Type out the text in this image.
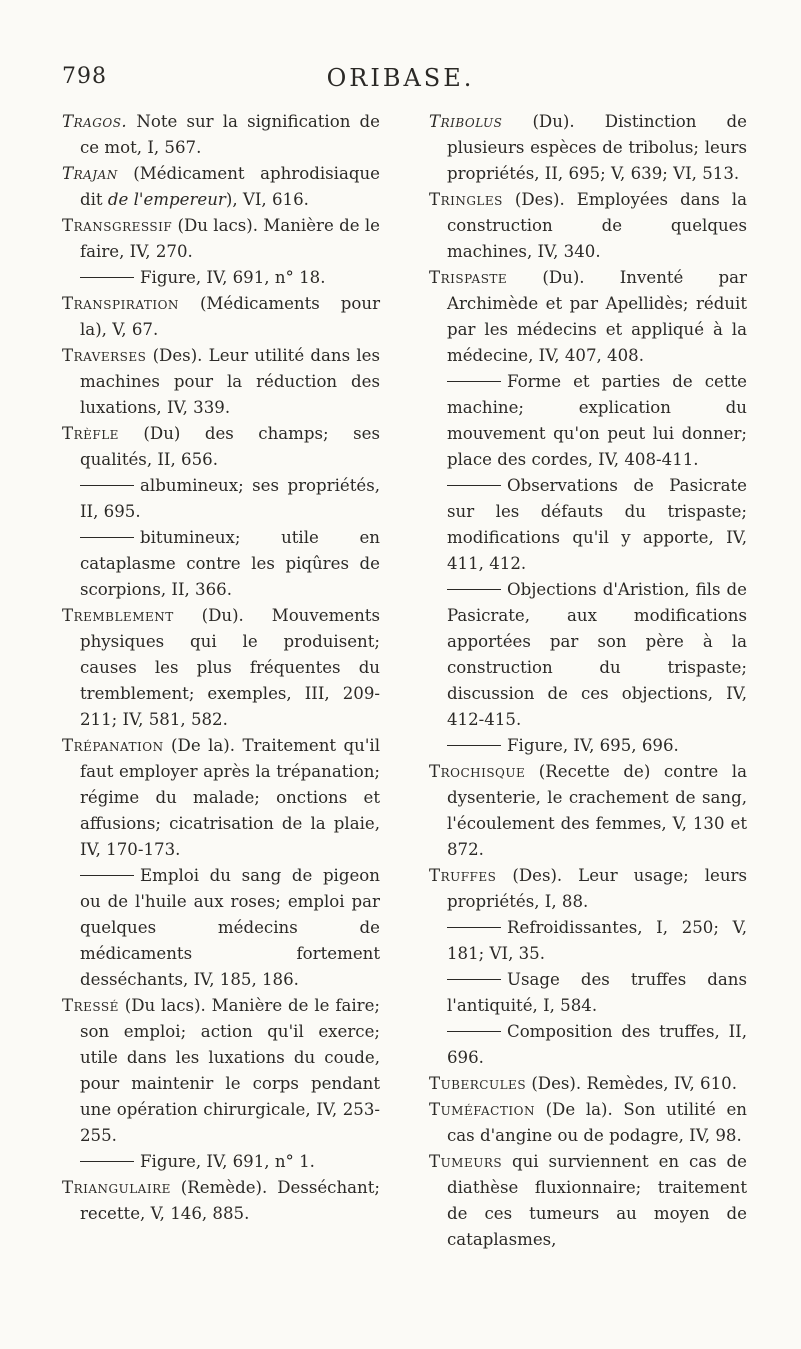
798	ORIBASE.

Tragos. Note sur la signification de ce mot, I, 567.

Trajan (Médicament aphrodisiaque dit de l'empereur), VI, 616.

Transgressif (Du lacs). Manière de le faire, IV, 270.

Figure, IV, 691, n° 18.

Transpiration (Médicaments pour la), V, 67.

Traverses (Des). Leur utilité dans les machines pour la réduction des luxations, IV, 339.

Trèfle (Du) des champs; ses qualités, II, 656.

albumineux; ses propriétés, II, 695.

bitumineux; utile en cataplasme contre les piqûres de scorpions, II, 366.

Tremblement (Du). Mouvements physiques qui le produisent; causes les plus fréquentes du tremblement; exemples, III, 209-211; IV, 581, 582.

Trépanation (De la). Traitement qu'il faut employer après la trépanation; régime du malade; onctions et affusions; cicatrisation de la plaie, IV, 170-173.

Emploi du sang de pigeon ou de l'huile aux roses; emploi par quelques médecins de médicaments fortement desséchants, IV, 185, 186.

Tressé (Du lacs). Manière de le faire; son emploi; action qu'il exerce; utile dans les luxations du coude, pour maintenir le corps pendant une opération chirurgicale, IV, 253-255.

Figure, IV, 691, n° 1.

Triangulaire (Remède). Desséchant; recette, V, 146, 885.

Tribolus (Du). Distinction de plusieurs espèces de tribolus; leurs propriétés, II, 695; V, 639; VI, 513.

Tringles (Des). Employées dans la construction de quelques machines, IV, 340.

Trispaste (Du). Inventé par Archimède et par Apellidès; réduit par les médecins et appliqué à la médecine, IV, 407, 408.

Forme et parties de cette machine; explication du mouvement qu'on peut lui donner; place des cordes, IV, 408-411.

Observations de Pasicrate sur les défauts du trispaste; modifications qu'il y apporte, IV, 411, 412.

Objections d'Aristion, fils de Pasicrate, aux modifications apportées par son père à la construction du trispaste; discussion de ces objections, IV, 412-415.

Figure, IV, 695, 696.

Trochisque (Recette de) contre la dysenterie, le crachement de sang, l'écoulement des femmes, V, 130 et 872.

Truffes (Des). Leur usage; leurs propriétés, I, 88.

Refroidissantes, I, 250; V, 181; VI, 35.

Usage des truffes dans l'antiquité, I, 584.

Composition des truffes, II, 696.

Tubercules (Des). Remèdes, IV, 610.

Tuméfaction (De la). Son utilité en cas d'angine ou de podagre, IV, 98.

Tumeurs qui surviennent en cas de diathèse fluxionnaire; traitement de ces tumeurs au moyen de cataplasmes,
